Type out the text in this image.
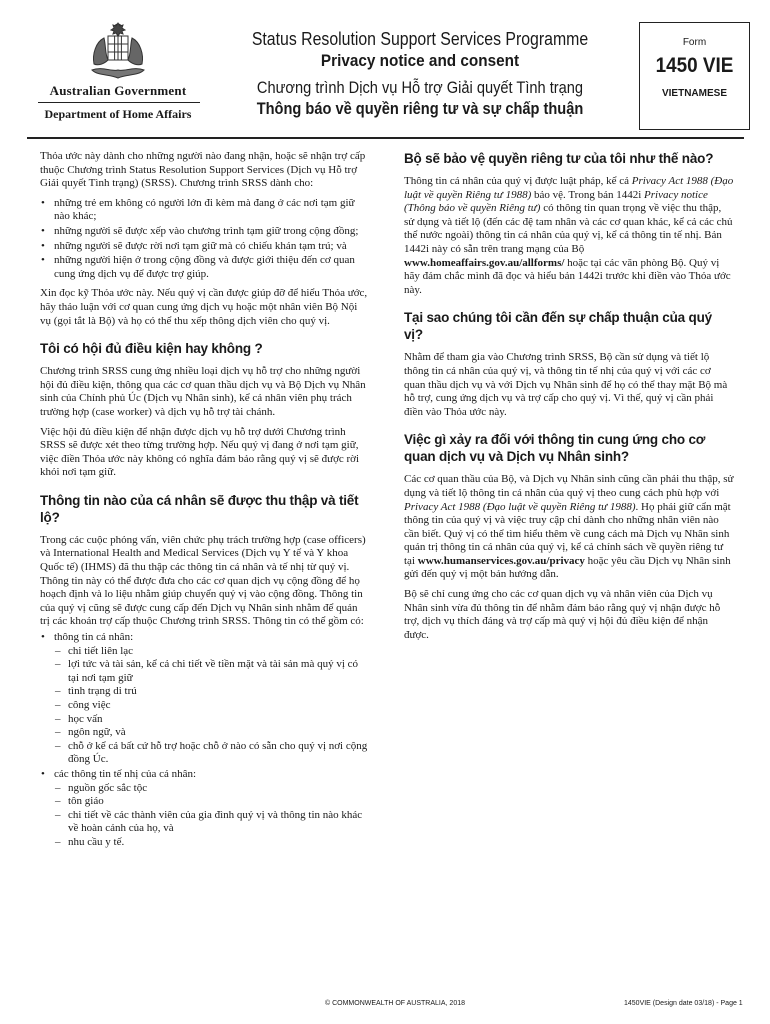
Australian Government
Department of Home Affairs
Status Resolution Support Services Programme
Privacy notice and consent
Chương trình Dịch vụ Hỗ trợ Giải quyết Tình trạng
Thông báo về quyền riêng tư và sự chấp thuận
Form
1450 VIE
VIETNAMESE

Thỏa ước này dành cho những người nào đang nhận, hoặc sẽ nhận trợ cấp thuộc Chương trình Status Resolution Support Services (Dịch vụ Hỗ trợ Giải quyết Tình trạng) (SRSS). Chương trình SRSS dành cho:

• những trẻ em không có người lớn đi kèm mà đang ở các nơi tạm giữ nào khác;
• những người sẽ được xếp vào chương trình tạm giữ trong cộng đồng;
• những người sẽ được rời nơi tạm giữ mà có chiếu khán tạm trú; và
• những người hiện ở trong cộng đồng và được giới thiệu đến cơ quan cung ứng dịch vụ để được trợ giúp.

Xin đọc kỹ Thỏa ước này. Nếu quý vị cần được giúp đỡ để hiểu Thỏa ước, hãy thảo luận với cơ quan cung ứng dịch vụ hoặc một nhân viên Bộ Nội vụ (gọi tắt là Bộ) và họ có thể thu xếp thông dịch viên cho quý vị.

Tôi có hội đủ điều kiện hay không ?

Chương trình SRSS cung ứng nhiều loại dịch vụ hỗ trợ cho những người hội đủ điều kiện, thông qua các cơ quan thầu dịch vụ và Bộ Dịch vụ Nhân sinh của Chính phủ Úc (Dịch vụ Nhân sinh), kể cả nhân viên phụ trách trường hợp (case worker) và dịch vụ hỗ trợ tài chánh.

Việc hội đủ điều kiện để nhận được dịch vụ hỗ trợ dưới Chương trình SRSS sẽ được xét theo từng trường hợp. Nếu quý vị đang ở nơi tạm giữ, việc điền Thỏa ước này không có nghĩa đảm bảo rằng quý vị sẽ được rời khỏi nơi tạm giữ.

Thông tin nào của cá nhân sẽ được thu thập và tiết lộ?

Trong các cuộc phỏng vấn, viên chức phụ trách trường hợp (case officers) và International Health and Medical Services (Dịch vụ Y tế và Y khoa Quốc tế) (IHMS) đã thu thập các thông tin cá nhân và tế nhị từ quý vị. Thông tin này có thể được đưa cho các cơ quan dịch vụ cộng đồng để họ hoạch định và lo liệu nhằm giúp chuyển quý vị vào cộng đồng. Thông tin của quý vị cũng sẽ được cung cấp đến Dịch vụ Nhân sinh nhằm để quản trị các khoản trợ cấp thuộc Chương trình SRSS. Thông tin có thể gồm có:

• thông tin cá nhân:
– chi tiết liên lạc
– lợi tức và tài sản, kể cả chi tiết về tiền mặt và tài sản mà quý vị có tại nơi tạm giữ
– tình trạng di trú
– công việc
– học vấn
– ngôn ngữ, và
– chỗ ở kể cả bất cứ hỗ trợ hoặc chỗ ở nào có sẵn cho quý vị nơi cộng đồng Úc.
• các thông tin tế nhị của cá nhân:
– nguồn gốc sắc tộc
– tôn giáo
– chi tiết về các thành viên của gia đình quý vị và thông tin nào khác về hoàn cảnh của họ, và
– nhu cầu y tế.
Bộ sẽ bảo vệ quyền riêng tư của tôi như thế nào?

Thông tin cá nhân của quý vị được luật pháp, kể cả Privacy Act 1988 (Đạo luật về quyền Riêng tư 1988) bảo vệ. Trong bản 1442i Privacy notice (Thông báo về quyền Riêng tư) có thông tin quan trọng về việc thu thập, sử dụng và tiết lộ (đến các đệ tam nhân và các cơ quan khác, kể cả các chủ thể nước ngoài) thông tin cá nhân của quý vị, kể cả thông tin tế nhị. Bản 1442i này có sẵn trên trang mạng của Bộ www.homeaffairs.gov.au/allforms/ hoặc tại các văn phòng Bộ. Quý vị hãy đảm chắc mình đã đọc và hiểu bản 1442i trước khi điền vào Thỏa ước này.

Tại sao chúng tôi cần đến sự chấp thuận của quý vị?

Nhằm để tham gia vào Chương trình SRSS, Bộ cần sử dụng và tiết lộ thông tin cá nhân của quý vị, và thông tin tế nhị của quý vị với các cơ quan thầu dịch vụ và với Dịch vụ Nhân sinh để họ có thể thay mặt Bộ mà hỗ trợ, cung ứng dịch vụ và trợ cấp cho quý vị. Vì thế, quý vị cần phải điền vào Thỏa ước này.

Việc gì xảy ra đối với thông tin cung ứng cho cơ quan dịch vụ và Dịch vụ Nhân sinh?

Các cơ quan thầu của Bộ, và Dịch vụ Nhân sinh cũng cần phải thu thập, sử dụng và tiết lộ thông tin cá nhân của quý vị theo cung cách phù hợp với Privacy Act 1988 (Đạo luật về quyền Riêng tư 1988). Họ phải giữ cẩn mật thông tin của quý vị và việc truy cập chỉ dành cho những nhân viên nào cần biết. Quý vị có thể tìm hiểu thêm về cung cách mà Dịch vụ Nhân sinh quản trị thông tin cá nhân của quý vị, kể cả chính sách về quyền riêng tư tại www.humanservices.gov.au/privacy hoặc yêu cầu Dịch vụ Nhân sinh gửi đến quý vị một bản hướng dẫn.

Bộ sẽ chỉ cung ứng cho các cơ quan dịch vụ và nhân viên của Dịch vụ Nhân sinh vừa đủ thông tin để nhằm đảm bảo rằng quý vị nhận được hỗ trợ, dịch vụ thích đáng và trợ cấp mà quý vị hội đủ điều kiện để nhận được.

© COMMONWEALTH OF AUSTRALIA, 2018	1450VIE (Design date 03/18) - Page 1
